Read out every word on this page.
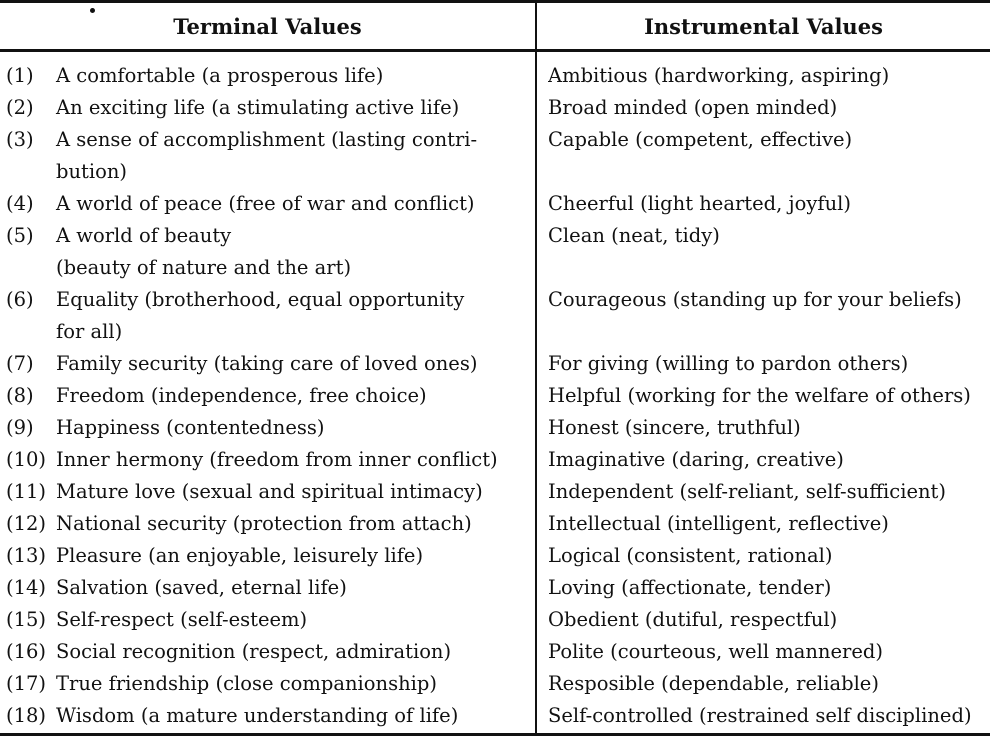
Terminal Values	Instrumental Values
(1) A comfortable (a prosperous life)
(2) An exciting life (a stimulating active life)
(3) A sense of accomplishment (lasting contri-
bution)
(4) A world of peace (free of war and conflict)
(5) A world of beauty
(beauty of nature and the art)
(6) Equality (brotherhood, equal opportunity
for all)
(7) Family security (taking care of loved ones)
(8) Freedom (independence, free choice)
(9) Happiness (contentedness)
(10) Inner hermony (freedom from inner conflict)
(11) Mature love (sexual and spiritual intimacy)
(12) National security (protection from attach)
(13) Pleasure (an enjoyable, leisurely life)
(14) Salvation (saved, eternal life)
(15) Self-respect (self-esteem)
(16) Social recognition (respect, admiration)
(17) True friendship (close companionship)
(18) Wisdom (a mature understanding of life)
Ambitious (hardworking, aspiring)
Broad minded (open minded)
Capable (competent, effective)
Cheerful (light hearted, joyful)
Clean (neat, tidy)
Courageous (standing up for your beliefs)
For giving (willing to pardon others)
Helpful (working for the welfare of others)
Honest (sincere, truthful)
Imaginative (daring, creative)
Independent (self-reliant, self-sufficient)
Intellectual (intelligent, reflective)
Logical (consistent, rational)
Loving (affectionate, tender)
Obedient (dutiful, respectful)
Polite (courteous, well mannered)
Resposible (dependable, reliable)
Self-controlled (restrained self disciplined)
